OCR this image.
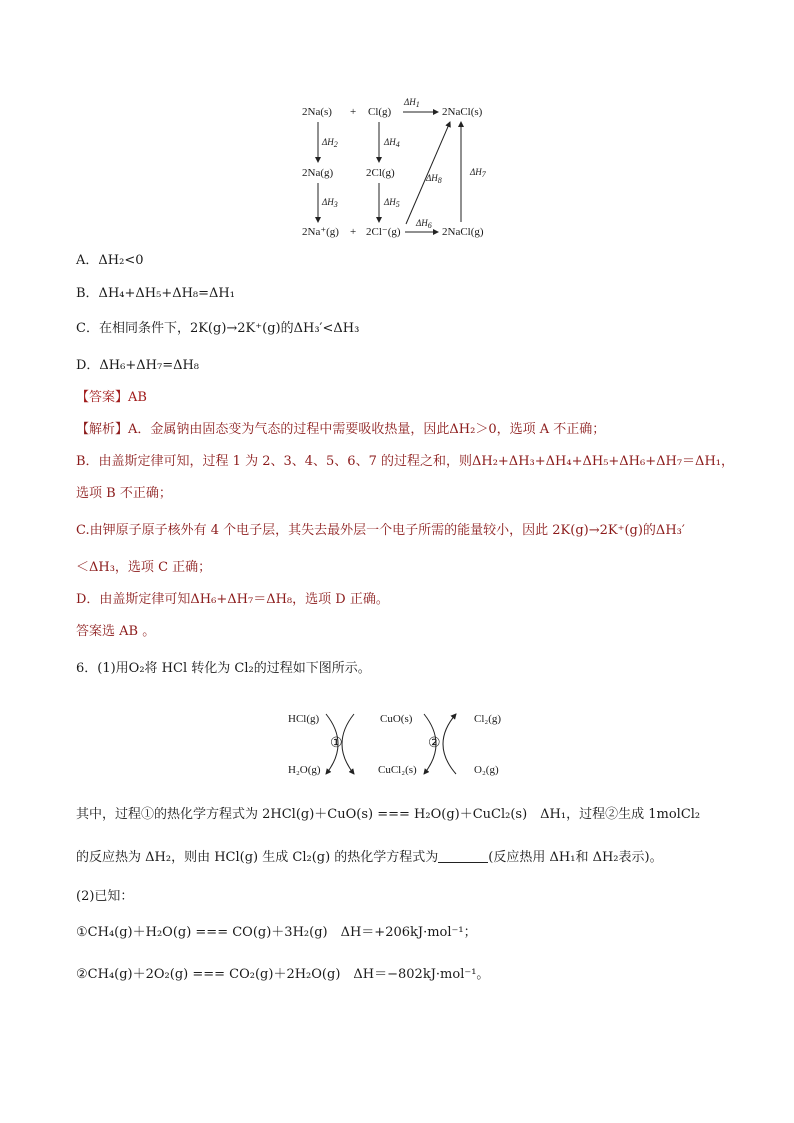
2Na(s) + Cl(g)
$\Delta H_1$
2NaCl(s)
$\Delta H_2$	$\Delta H_4$
2Na(g)	2Cl(g)	$\Delta H_8$
$\Delta H_7$
$\Delta H_3$	$\Delta H_5$
2Na⁺(g) + 2Cl⁻(g)
$\Delta H_6$
2NaCl(g)
A．ΔH₂<0
B．ΔH₄+ΔH₅+ΔH₈=ΔH₁
C．在相同条件下，2K(g)→2K⁺(g)的ΔH₃′<ΔH₃
D．ΔH₆+ΔH₇=ΔH₈
【答案】AB
【解析】A．金属钠由固态变为气态的过程中需要吸收热量，因此ΔH₂＞0，选项 A 不正确；
B．由盖斯定律可知，过程 1 为 2、3、4、5、6、7 的过程之和，则ΔH₂+ΔH₃+ΔH₄+ΔH₅+ΔH₆+ΔH₇＝ΔH₁，
选项 B 不正确；
C.由钾原子原子核外有 4 个电子层，其失去最外层一个电子所需的能量较小，因此 2K(g)→2K⁺(g)的ΔH₃′
＜ΔH₃，选项 C 正确；
D．由盖斯定律可知ΔH₆+ΔH₇＝ΔH₈，选项 D 正确。
答案选 AB 。
6．(1)用O₂将 HCl 转化为 Cl₂的过程如下图所示。
HCl(g)
H₂O(g)
CuO(s)
CuCl₂(s)
Cl₂(g)
O₂(g)
①	②
其中，过程①的热化学方程式为 2HCl(g)＋CuO(s) === H₂O(g)＋CuCl₂(s)　ΔH₁，过程②生成 1molCl₂
的反应热为 ΔH₂，则由 HCl(g) 生成 Cl₂(g) 的热化学方程式为	(反应热用 ΔH₁和 ΔH₂表示)。
(2)已知：
①CH₄(g)＋H₂O(g) === CO(g)＋3H₂(g)　ΔH＝+206kJ·mol⁻¹；
②CH₄(g)＋2O₂(g) === CO₂(g)＋2H₂O(g)　ΔH＝−802kJ·mol⁻¹。
